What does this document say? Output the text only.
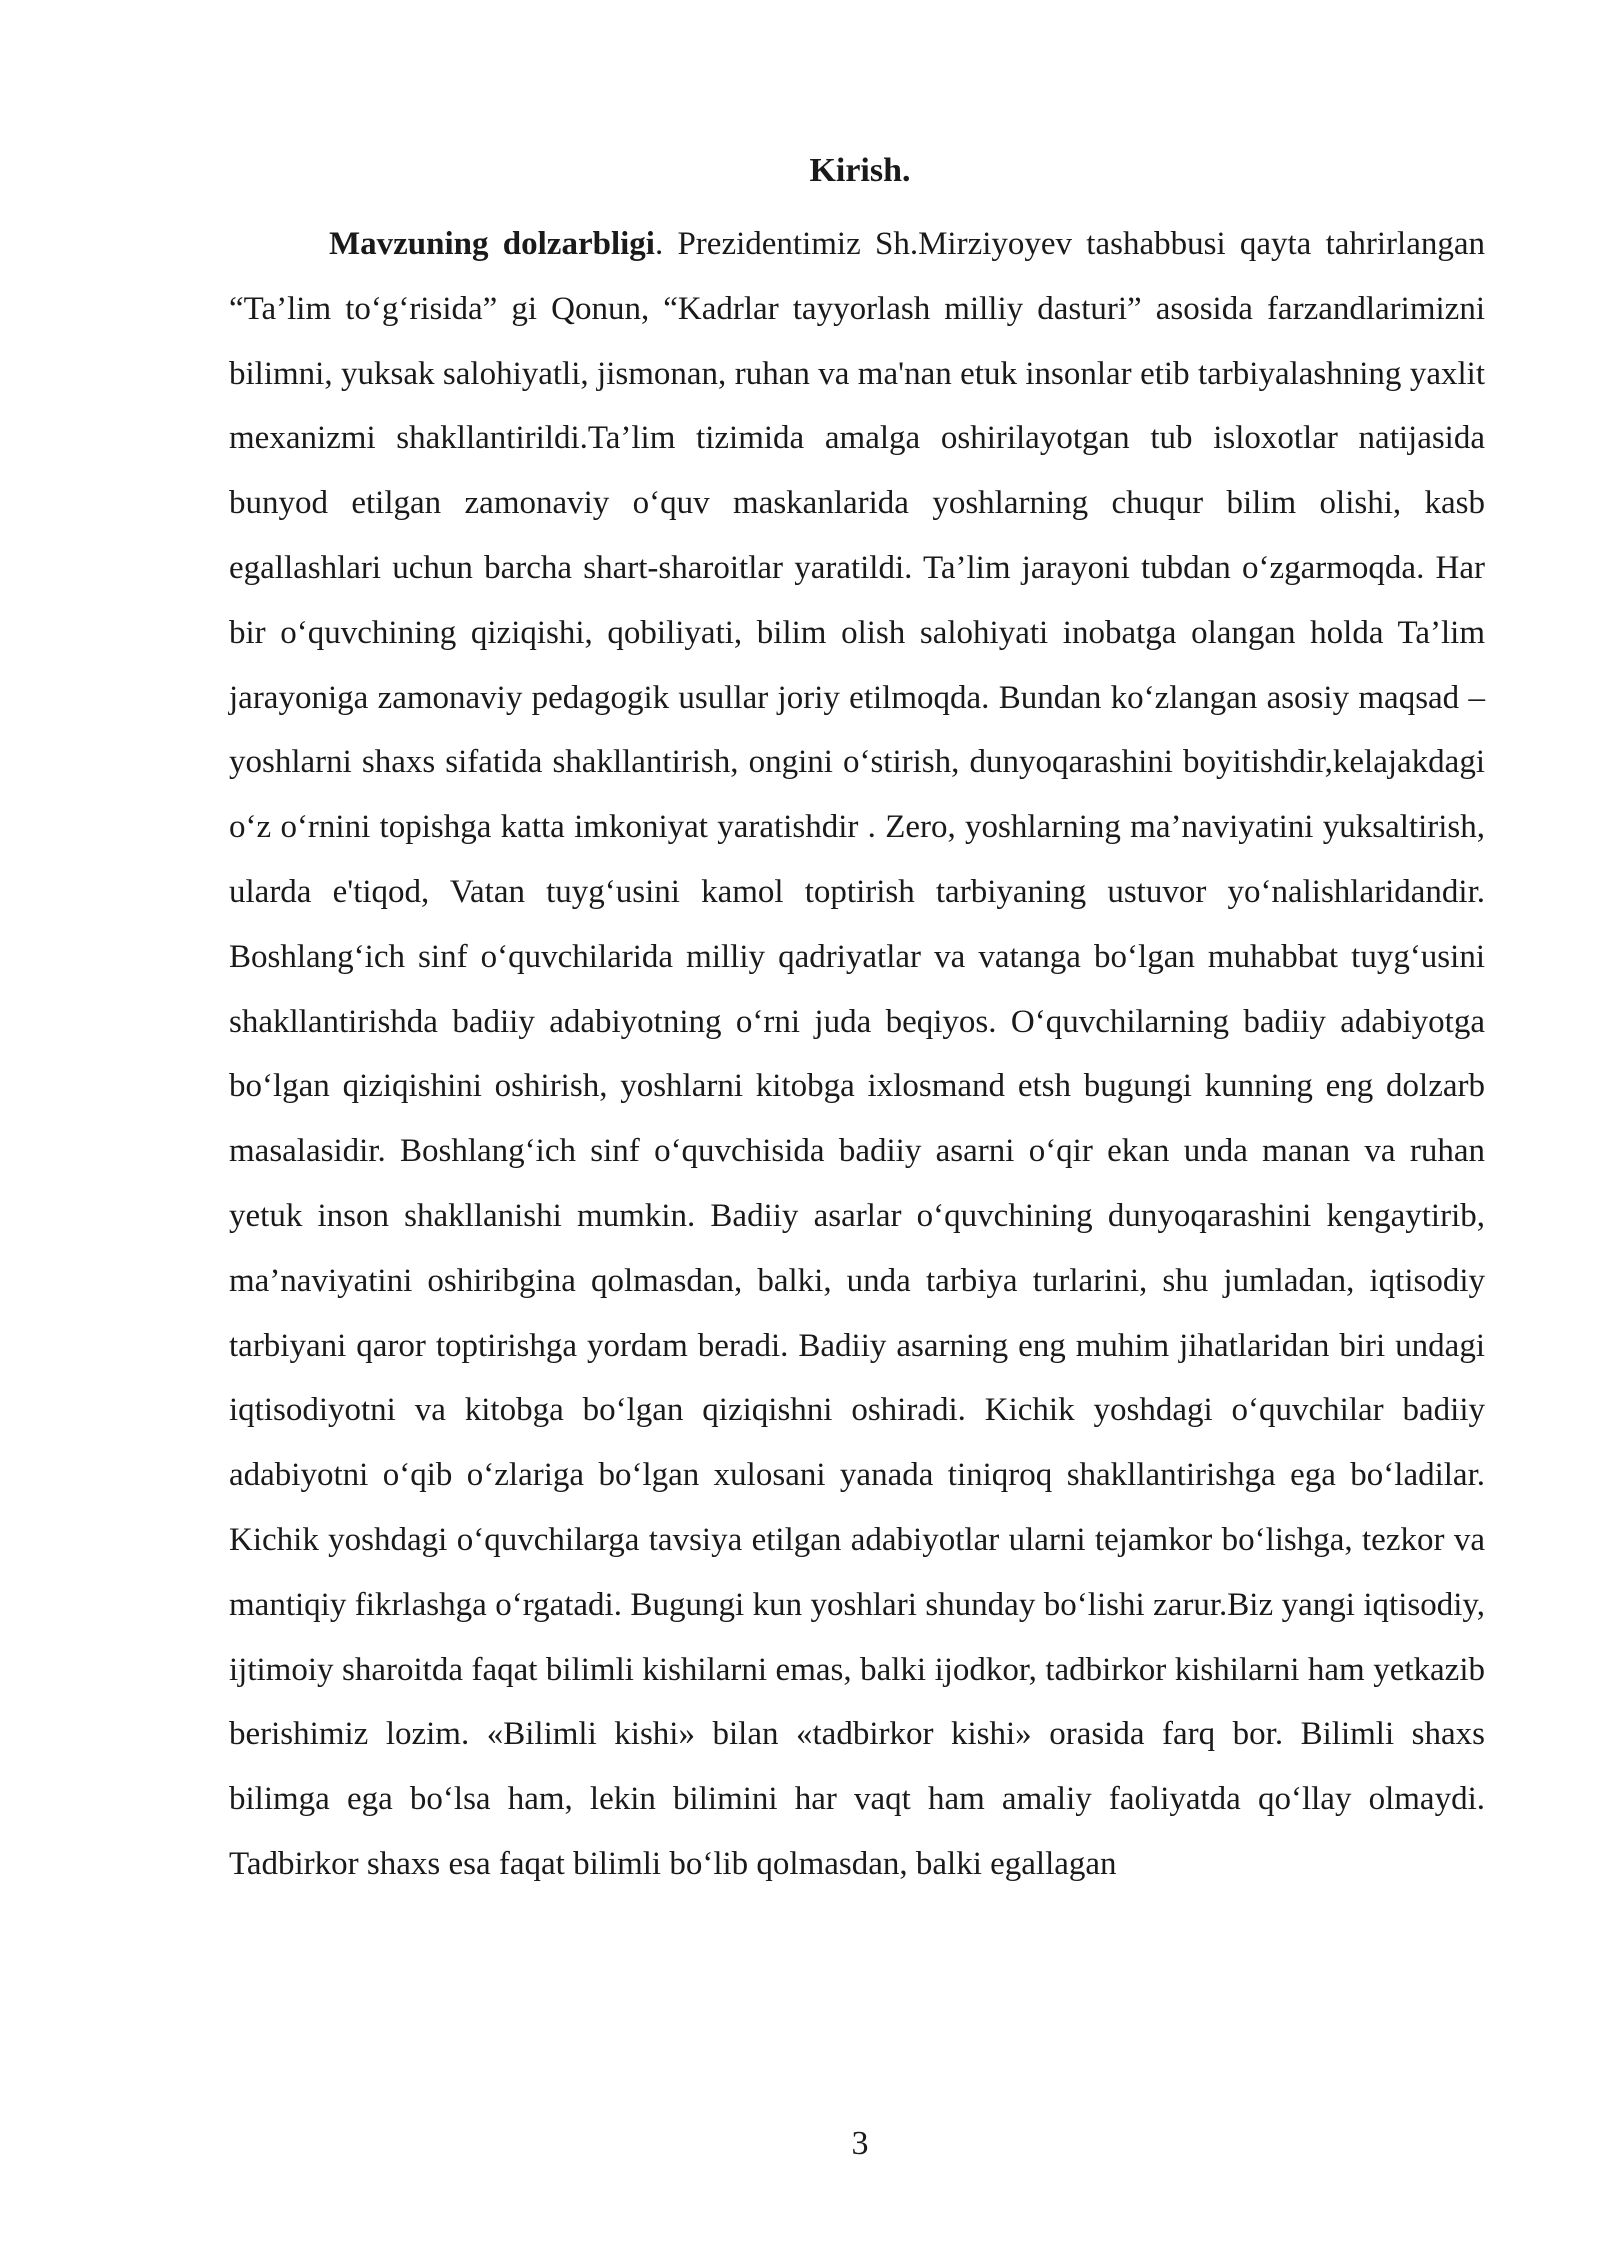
Kirish.

Mavzuning dolzarbligi. Prezidentimiz Sh.Mirziyoyev tashabbusi qayta tahrirlangan “Ta’lim to‘g‘risida” gi Qonun, “Kadrlar tayyorlash milliy dasturi” asosida farzandlarimizni bilimni, yuksak salohiyatli, jismonan, ruhan va ma'nan etuk insonlar etib tarbiyalashning yaxlit mexanizmi shakllantirildi.Ta’lim tizimida amalga oshirilayotgan tub isloxotlar natijasida bunyod etilgan zamonaviy o‘quv maskanlarida yoshlarning chuqur bilim olishi, kasb egallashlari uchun barcha shart-sharoitlar yaratildi. Ta’lim jarayoni tubdan o‘zgarmoqda. Har bir o‘quvchining qiziqishi, qobiliyati, bilim olish salohiyati inobatga olangan holda Ta’lim jarayoniga zamonaviy pedagogik usullar joriy etilmoqda. Bundan ko‘zlangan asosiy maqsad – yoshlarni shaxs sifatida shakllantirish, ongini o‘stirish, dunyoqarashini boyitishdir,kelajakdagi o‘z o‘rnini topishga katta imkoniyat yaratishdir . Zero, yoshlarning ma’naviyatini yuksaltirish, ularda e'tiqod, Vatan tuyg‘usini kamol toptirish tarbiyaning ustuvor yo‘nalishlaridandir. Boshlang‘ich sinf o‘quvchilarida milliy qadriyatlar va vatanga bo‘lgan muhabbat tuyg‘usini shakllantirishda badiiy adabiyotning o‘rni juda beqiyos. O‘quvchilarning badiiy adabiyotga bo‘lgan qiziqishini oshirish, yoshlarni kitobga ixlosmand etsh bugungi kunning eng dolzarb masalasidir. Boshlang‘ich sinf o‘quvchisida badiiy asarni o‘qir ekan unda manan va ruhan yetuk inson shakllanishi mumkin. Badiiy asarlar o‘quvchining dunyoqarashini kengaytirib, ma’naviyatini oshiribgina qolmasdan, balki, unda tarbiya turlarini, shu jumladan, iqtisodiy tarbiyani qaror toptirishga yordam beradi. Badiiy asarning eng muhim jihatlaridan biri undagi iqtisodiyotni va kitobga bo‘lgan qiziqishni oshiradi. Kichik yoshdagi o‘quvchilar badiiy adabiyotni o‘qib o‘zlariga bo‘lgan xulosani yanada tiniqroq shakllantirishga ega bo‘ladilar. Kichik yoshdagi o‘quvchilarga tavsiya etilgan adabiyotlar ularni tejamkor bo‘lishga, tezkor va mantiqiy fikrlashga o‘rgatadi. Bugungi kun yoshlari shunday bo‘lishi zarur.Biz yangi iqtisodiy, ijtimoiy sharoitda faqat bilimli kishilarni emas, balki ijodkor, tadbirkor kishilarni ham yetkazib berishimiz lozim. «Bilimli kishi» bilan «tadbirkor kishi» orasida farq bor. Bilimli shaxs bilimga ega bo‘lsa ham, lekin bilimini har vaqt ham amaliy faoliyatda qo‘llay olmaydi. Tadbirkor shaxs esa faqat bilimli bo‘lib qolmasdan, balki egallagan

3
